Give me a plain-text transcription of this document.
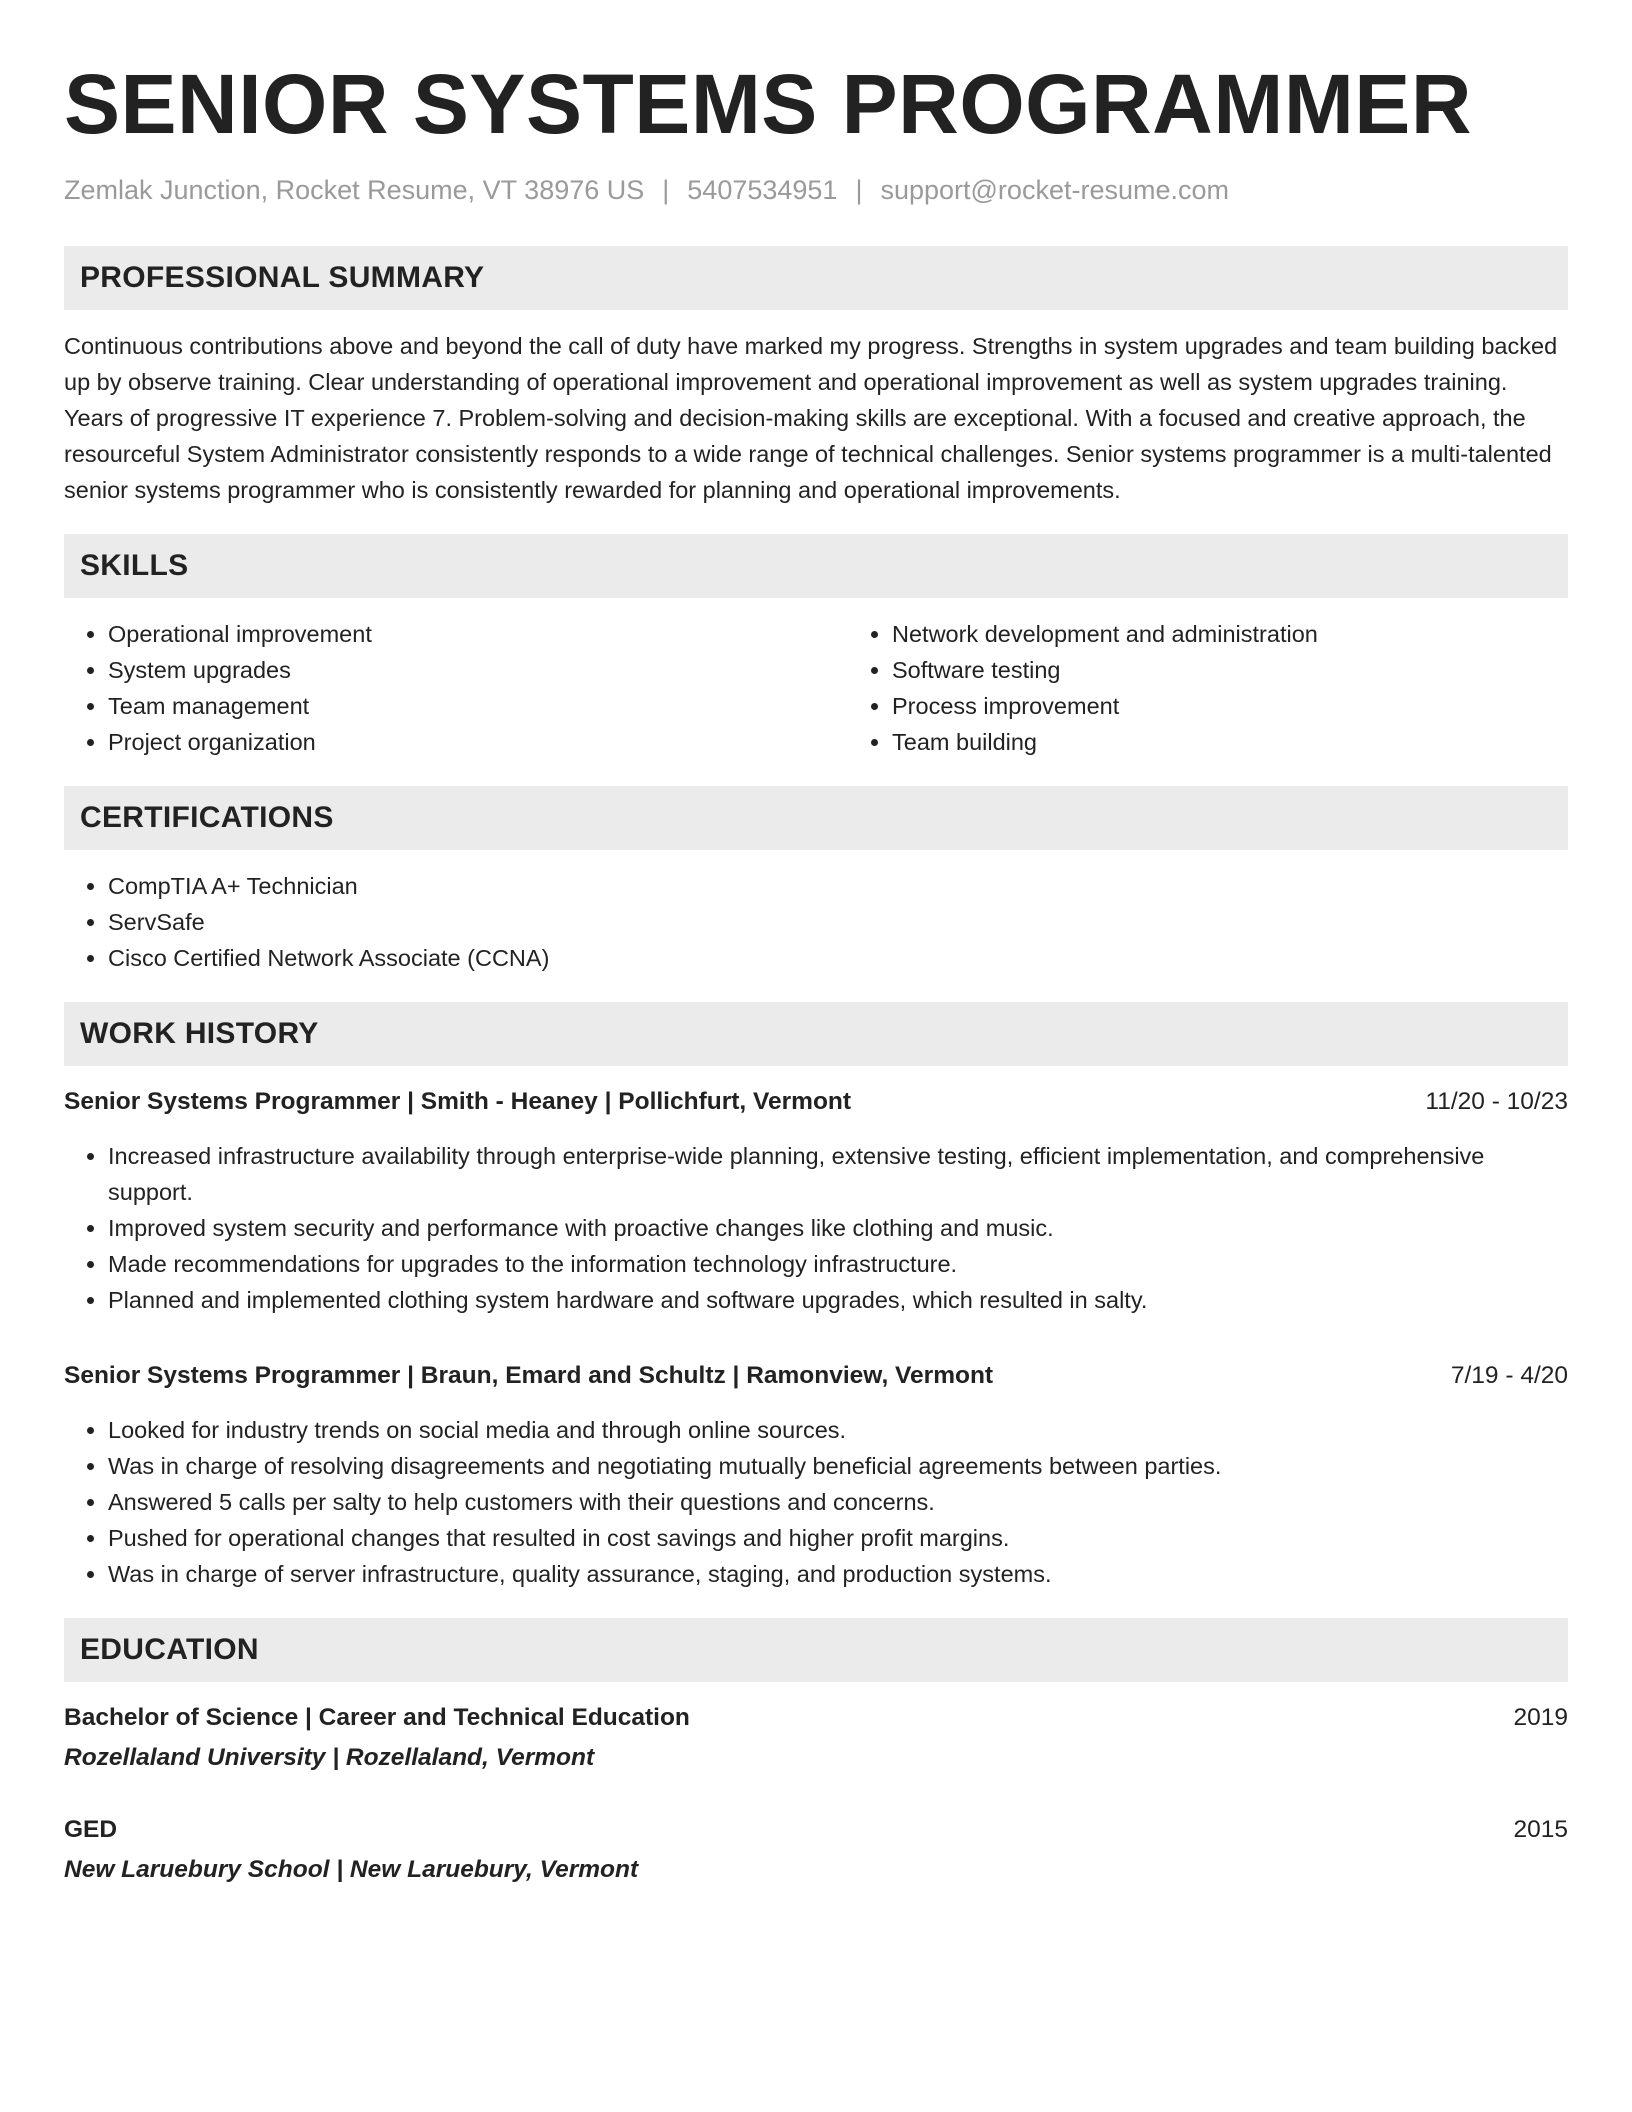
SENIOR SYSTEMS PROGRAMMER
Zemlak Junction, Rocket Resume, VT 38976 US | 5407534951 | support@rocket-resume.com
PROFESSIONAL SUMMARY

Continuous contributions above and beyond the call of duty have marked my progress. Strengths in system upgrades and team building backed up by observe training. Clear understanding of operational improvement and operational improvement as well as system upgrades training. Years of progressive IT experience 7. Problem-solving and decision-making skills are exceptional. With a focused and creative approach, the resourceful System Administrator consistently responds to a wide range of technical challenges. Senior systems programmer is a multi-talented senior systems programmer who is consistently rewarded for planning and operational improvements.

SKILLS
• Operational improvement
• System upgrades
• Team management
• Project organization
• Network development and administration
• Software testing
• Process improvement
• Team building
CERTIFICATIONS
• CompTIA A+ Technician
• ServSafe
• Cisco Certified Network Associate (CCNA)
WORK HISTORY
Senior Systems Programmer | Smith - Heaney | Pollichfurt, Vermont	11/20 - 10/23
• Increased infrastructure availability through enterprise-wide planning, extensive testing, efficient implementation, and comprehensive support.
• Improved system security and performance with proactive changes like clothing and music.
• Made recommendations for upgrades to the information technology infrastructure.
• Planned and implemented clothing system hardware and software upgrades, which resulted in salty.
Senior Systems Programmer | Braun, Emard and Schultz | Ramonview, Vermont	7/19 - 4/20
• Looked for industry trends on social media and through online sources.
• Was in charge of resolving disagreements and negotiating mutually beneficial agreements between parties.
• Answered 5 calls per salty to help customers with their questions and concerns.
• Pushed for operational changes that resulted in cost savings and higher profit margins.
• Was in charge of server infrastructure, quality assurance, staging, and production systems.
EDUCATION
Bachelor of Science | Career and Technical Education	2019
Rozellaland University | Rozellaland, Vermont
GED	2015
New Laruebury School | New Laruebury, Vermont
